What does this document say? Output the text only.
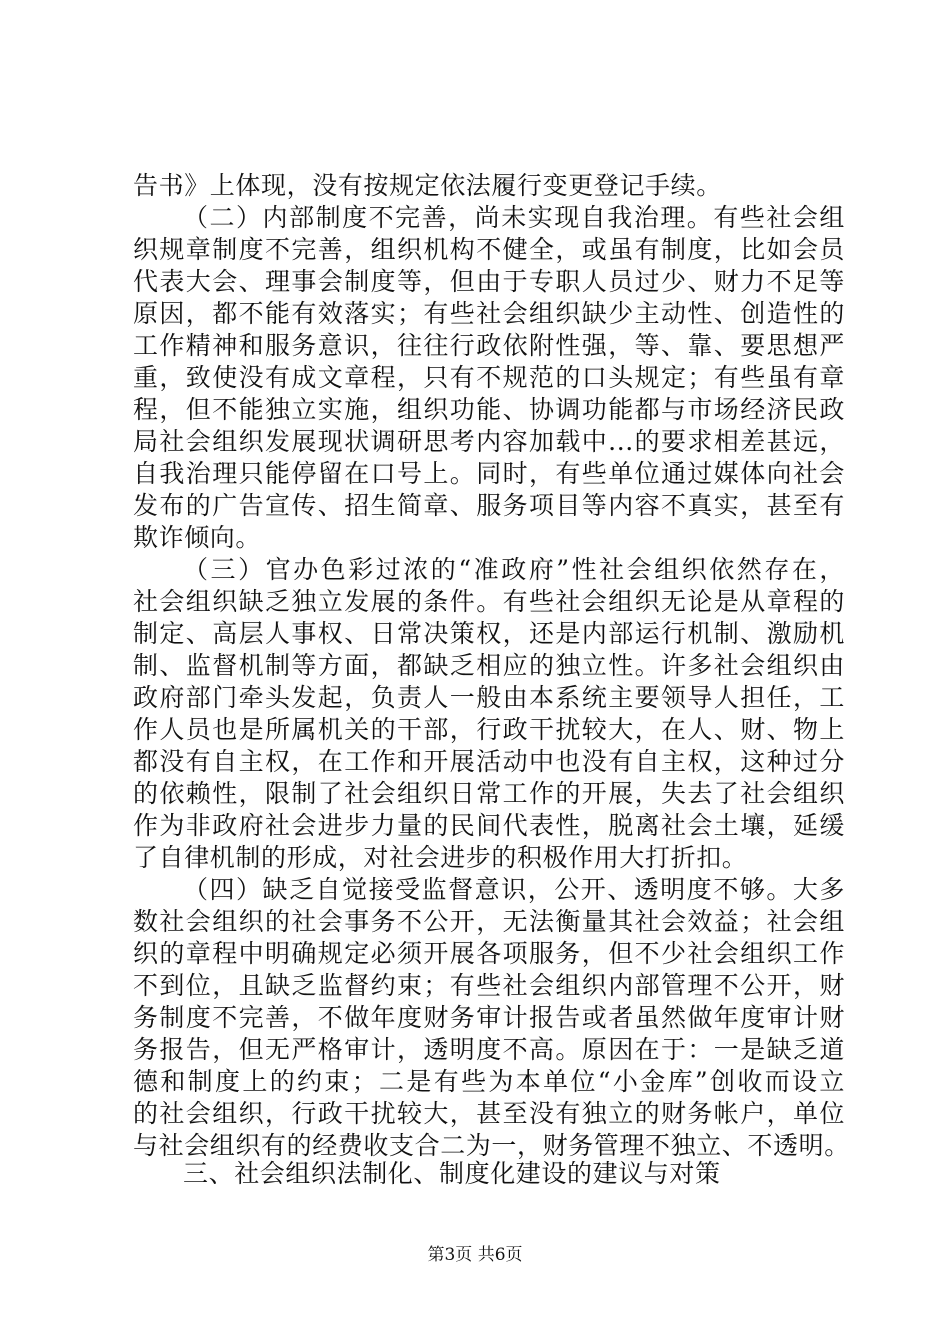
告书》上体现，没有按规定依法履行变更登记手续。
（二）内部制度不完善，尚未实现自我治理。有些社会组
织规章制度不完善，组织机构不健全，或虽有制度，比如会员
代表大会、理事会制度等，但由于专职人员过少、财力不足等
原因，都不能有效落实；有些社会组织缺少主动性、创造性的
工作精神和服务意识，往往行政依附性强，等、靠、要思想严
重，致使没有成文章程，只有不规范的口头规定；有些虽有章
程，但不能独立实施，组织功能、协调功能都与市场经济民政
局社会组织发展现状调研思考内容加载中...的要求相差甚远，
自我治理只能停留在口号上。同时，有些单位通过媒体向社会
发布的广告宣传、招生简章、服务项目等内容不真实，甚至有
欺诈倾向。
（三）官办色彩过浓的“准政府”性社会组织依然存在，
社会组织缺乏独立发展的条件。有些社会组织无论是从章程的
制定、高层人事权、日常决策权，还是内部运行机制、激励机
制、监督机制等方面，都缺乏相应的独立性。许多社会组织由
政府部门牵头发起，负责人一般由本系统主要领导人担任，工
作人员也是所属机关的干部，行政干扰较大，在人、财、物上
都没有自主权，在工作和开展活动中也没有自主权，这种过分
的依赖性，限制了社会组织日常工作的开展，失去了社会组织
作为非政府社会进步力量的民间代表性，脱离社会土壤，延缓
了自律机制的形成，对社会进步的积极作用大打折扣。
（四）缺乏自觉接受监督意识，公开、透明度不够。大多
数社会组织的社会事务不公开，无法衡量其社会效益；社会组
织的章程中明确规定必须开展各项服务，但不少社会组织工作
不到位，且缺乏监督约束；有些社会组织内部管理不公开，财
务制度不完善，不做年度财务审计报告或者虽然做年度审计财
务报告，但无严格审计，透明度不高。原因在于：一是缺乏道
德和制度上的约束；二是有些为本单位“小金库”创收而设立
的社会组织，行政干扰较大，甚至没有独立的财务帐户，单位
与社会组织有的经费收支合二为一，财务管理不独立、不透明。
三、社会组织法制化、制度化建设的建议与对策
第3页 共6页
